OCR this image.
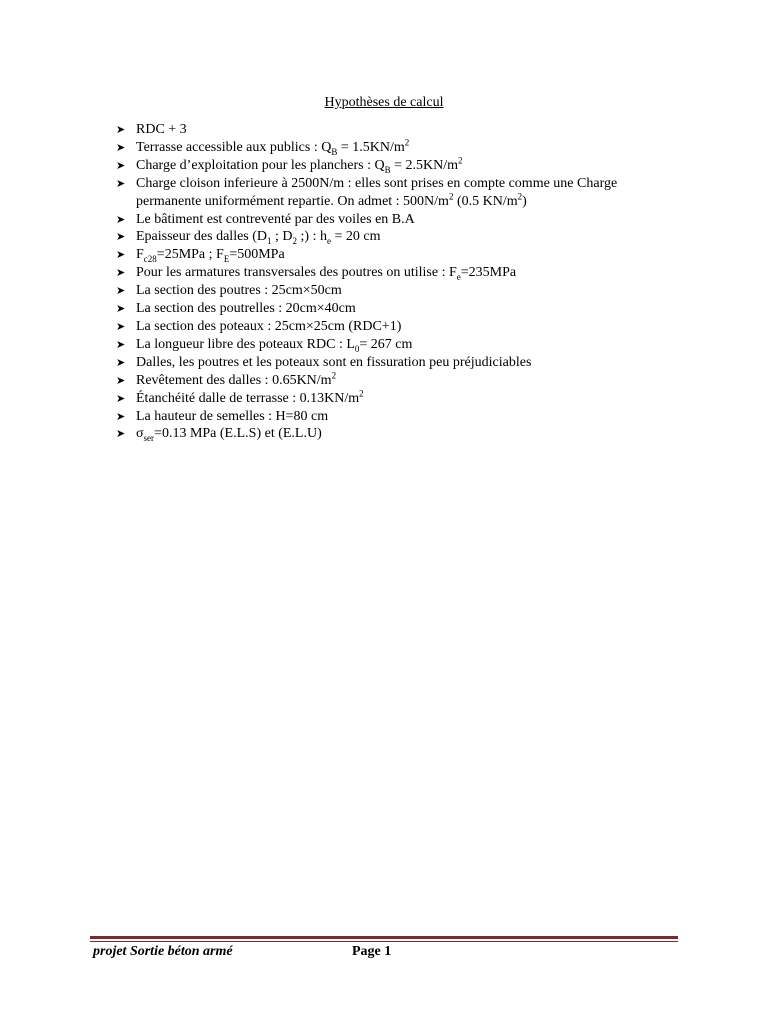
Hypothèses de calcul
➤ RDC + 3
➤ Terrasse accessible aux publics : $Q_B = 1.5KN/m^2$
➤ Charge d’exploitation pour les planchers : $Q_B = 2.5KN/m^2$
➤ Charge cloison inferieure à 2500N/m : elles sont prises en compte comme une Charge permanente uniformément repartie. On admet : $500N/m^2$ (0.5 $KN/m^2$)
➤ Le bâtiment est contreventé par des voiles en B.A
➤ Epaisseur des dalles ($D_1$ ; $D_2$ ;) : $h_e = 20$ cm
➤ $F_{c28}=25MPa$ ; $F_E=500MPa$
➤ Pour les armatures transversales des poutres on utilise : $F_e=235MPa$
➤ La section des poutres : 25cm×50cm
➤ La section des poutrelles : 20cm×40cm
➤ La section des poteaux : 25cm×25cm (RDC+1)
➤ La longueur libre des poteaux RDC : $L_0= 267$ cm
➤ Dalles, les poutres et les poteaux sont en fissuration peu préjudiciables
➤ Revêtement des dalles : $0.65KN/m^2$
➤ Étanchéité dalle de terrasse : $0.13KN/m^2$
➤ La hauteur de semelles : H=80 cm
➤ $\sigma_{ser}=0.13$ MPa (E.L.S) et (E.L.U)
projet Sortie béton armé	Page 1
